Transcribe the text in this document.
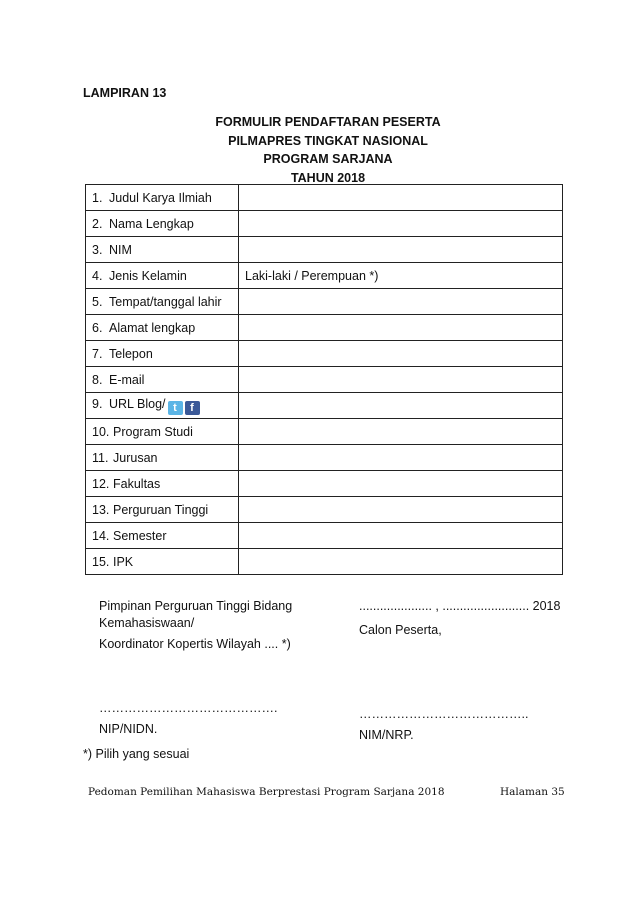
LAMPIRAN 13
FORMULIR PENDAFTARAN PESERTA
PILMAPRES TINGKAT NASIONAL
PROGRAM SARJANA
TAHUN 2018
1. Judul Karya Ilmiah	
2. Nama Lengkap	
3. NIM	
4. Jenis Kelamin	Laki-laki / Perempuan *)
5. Tempat/tanggal lahir	
6. Alamat lengkap	
7. Telepon	
8. E-mail	
9. URL Blog/ t f	
10. Program Studi	
11. Jurusan	
12. Fakultas	
13. Perguruan Tinggi	
14. Semester	
15. IPK	
Pimpinan Perguruan Tinggi Bidang
Kemahasiswaan/
Koordinator Kopertis Wilayah .... *)
…………………………………….
NIP/NIDN.
..................... , ......................... 2018
Calon Peserta,
…………………………………..
NIM/NRP.
*) Pilih yang sesuai
Pedoman Pemilihan Mahasiswa Berprestasi Program Sarjana 2018	Halaman 35
